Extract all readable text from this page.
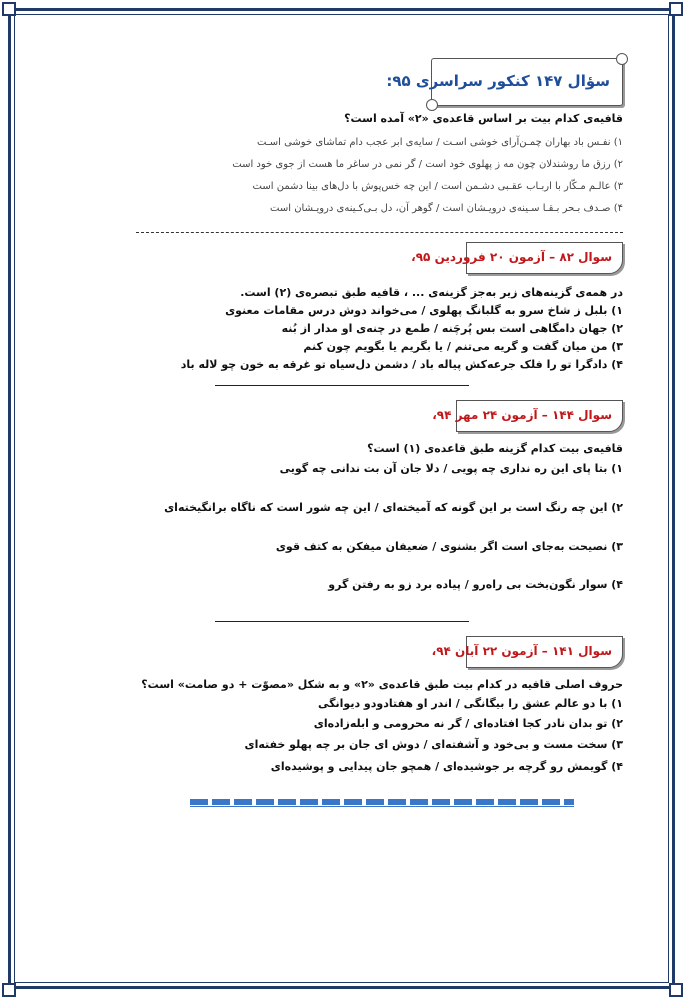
سؤال ۱۴۷ کنکور سراسری ۹۵:
قافیه‌ی کدام بیت بر اساس قاعده‌ی «۲» آمده است؟
۱) نفـس باد بهاران چمـن‌آرای خوشی اسـت / سایه‌ی ابر عجب دام تماشای خوشی اسـت
۲) رزق ما روشندلان چون مه ز پهلوی خود است / گر نمی در ساغر ما هست از جوی خود است
۳) عالـم مـکّار با اربـاب عقـبی دشـمن است / این چه خس‌پوش با دل‌های بینا دشمن است
۴) صـدف بـحر بـقـا سـینه‌ی درویـشان است / گوهر آن، دل بـی‌کـینه‌ی درویـشان است
سوال ۸۲ – آزمون ۲۰ فروردین ۹۵،
در همه‌ی گزینه‌های زیر به‌جز گزینه‌ی ... ، قافیه طبق تبصره‌ی (۲) است.
۱) بلبل ز شاخ سرو به گلبانگ پهلوی / می‌خواند دوش درس مقامات معنوی
۲) جهان دامگاهی است بس پُرچَنه / طمع در چنه‌ی او مدار از بُنه
۳) من میان گفت و گریه می‌تنم / یا بگریم یا بگویم چون کنم
۴) دادگرا تو را فلک جرعه‌کش پیاله باد / دشمن دل‌سیاه تو غرقه به خون چو لاله باد
سوال ۱۴۴ – آزمون ۲۴ مهر ۹۴،
قافیه‌ی بیت کدام گزینه طبق قاعده‌ی (۱) است؟
۱) بتا پای این ره نداری چه پویی / دلا جان آن بت ندانی چه گویی
۲) این چه رنگ است بر این گونه که آمیخته‌ای / این چه شور است که ناگاه برانگیخته‌ای
۳) نصیحت به‌جای است اگر بشنوی / ضعیفان میفکن به کتف قوی
۴) سوار نگون‌بخت بی راه‌رو / پیاده برد زو به رفتن گرو
سوال ۱۴۱ – آزمون ۲۲ آبان ۹۴،
حروف اصلی قافیه در کدام بیت طبق قاعده‌ی «۲» و به شکل «مصوّت + دو صامت» است؟
۱) با دو عالم عشق را بیگانگی / اندر او هفتادودو دیوانگی
۲) تو بدان نادر کجا افتاده‌ای / گر نه محرومی و ابله‌زاده‌ای
۳) سخت مست و بی‌خود و آشفته‌ای / دوش ای جان بر چه پهلو خفته‌ای
۴) گویمش رو گرچه بر جوشیده‌ای / همچو جان پیدایی و پوشیده‌ای
